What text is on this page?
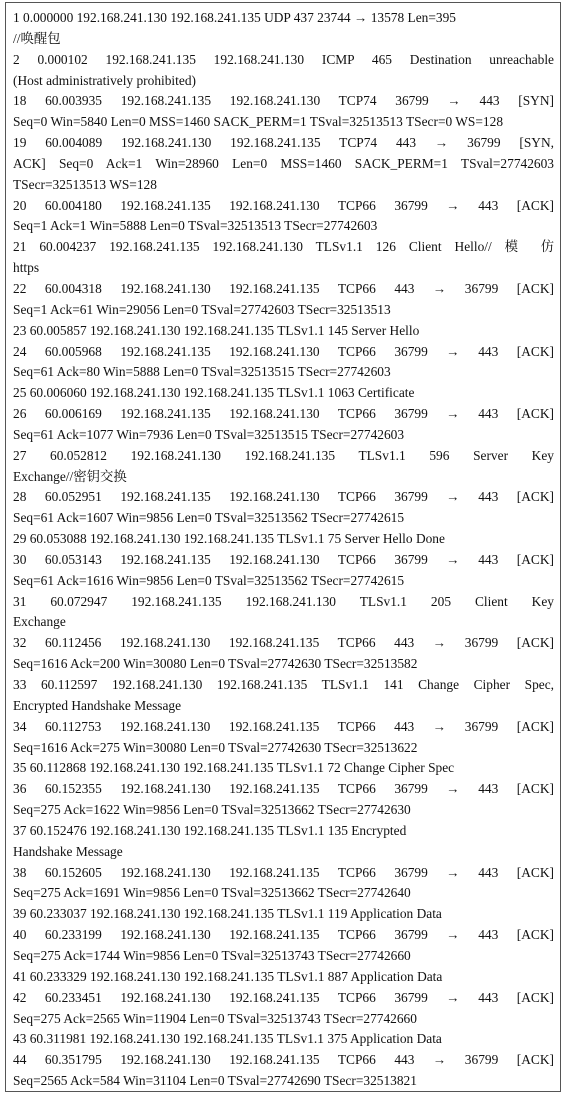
1 0.000000 192.168.241.130 192.168.241.135 UDP 437 23744 → 13578 Len=395
//唤醒包
2 0.000102 192.168.241.135 192.168.241.130 ICMP 465 Destination unreachable
(Host administratively prohibited)
18 60.003935 192.168.241.135 192.168.241.130 TCP74 36799 → 443 [SYN]
Seq=0 Win=5840 Len=0 MSS=1460 SACK_PERM=1 TSval=32513513 TSecr=0 WS=128
19 60.004089 192.168.241.130 192.168.241.135 TCP74 443 → 36799 [SYN,
ACK] Seq=0 Ack=1 Win=28960 Len=0 MSS=1460 SACK_PERM=1 TSval=27742603
TSecr=32513513 WS=128
20 60.004180 192.168.241.135 192.168.241.130 TCP66 36799 → 443 [ACK]
Seq=1 Ack=1 Win=5888 Len=0 TSval=32513513 TSecr=27742603
21 60.004237 192.168.241.135 192.168.241.130 TLSv1.1 126 Client Hello// 模 仿
https
22 60.004318 192.168.241.130 192.168.241.135 TCP66 443 → 36799 [ACK]
Seq=1 Ack=61 Win=29056 Len=0 TSval=27742603 TSecr=32513513
23 60.005857 192.168.241.130 192.168.241.135 TLSv1.1 145 Server Hello
24 60.005968 192.168.241.135 192.168.241.130 TCP66 36799 → 443 [ACK]
Seq=61 Ack=80 Win=5888 Len=0 TSval=32513515 TSecr=27742603
25 60.006060 192.168.241.130 192.168.241.135 TLSv1.1 1063 Certificate
26 60.006169 192.168.241.135 192.168.241.130 TCP66 36799 → 443 [ACK]
Seq=61 Ack=1077 Win=7936 Len=0 TSval=32513515 TSecr=27742603
27 60.052812 192.168.241.130 192.168.241.135 TLSv1.1 596 Server Key
Exchange//密钥交换
28 60.052951 192.168.241.135 192.168.241.130 TCP66 36799 → 443 [ACK]
Seq=61 Ack=1607 Win=9856 Len=0 TSval=32513562 TSecr=27742615
29 60.053088 192.168.241.130 192.168.241.135 TLSv1.1 75 Server Hello Done
30 60.053143 192.168.241.135 192.168.241.130 TCP66 36799 → 443 [ACK]
Seq=61 Ack=1616 Win=9856 Len=0 TSval=32513562 TSecr=27742615
31 60.072947 192.168.241.135 192.168.241.130 TLSv1.1 205 Client Key
Exchange
32 60.112456 192.168.241.130 192.168.241.135 TCP66 443 → 36799 [ACK]
Seq=1616 Ack=200 Win=30080 Len=0 TSval=27742630 TSecr=32513582
33 60.112597 192.168.241.130 192.168.241.135 TLSv1.1 141 Change Cipher Spec,
Encrypted Handshake Message
34 60.112753 192.168.241.130 192.168.241.135 TCP66 443 → 36799 [ACK]
Seq=1616 Ack=275 Win=30080 Len=0 TSval=27742630 TSecr=32513622
35 60.112868 192.168.241.130 192.168.241.135 TLSv1.1 72 Change Cipher Spec
36 60.152355 192.168.241.130 192.168.241.135 TCP66 36799 → 443 [ACK]
Seq=275 Ack=1622 Win=9856 Len=0 TSval=32513662 TSecr=27742630
37 60.152476 192.168.241.130 192.168.241.135 TLSv1.1 135 Encrypted
Handshake Message
38 60.152605 192.168.241.130 192.168.241.135 TCP66 36799 → 443 [ACK]
Seq=275 Ack=1691 Win=9856 Len=0 TSval=32513662 TSecr=27742640
39 60.233037 192.168.241.130 192.168.241.135 TLSv1.1 119 Application Data
40 60.233199 192.168.241.130 192.168.241.135 TCP66 36799 → 443 [ACK]
Seq=275 Ack=1744 Win=9856 Len=0 TSval=32513743 TSecr=27742660
41 60.233329 192.168.241.130 192.168.241.135 TLSv1.1 887 Application Data
42 60.233451 192.168.241.130 192.168.241.135 TCP66 36799 → 443 [ACK]
Seq=275 Ack=2565 Win=11904 Len=0 TSval=32513743 TSecr=27742660
43 60.311981 192.168.241.130 192.168.241.135 TLSv1.1 375 Application Data
44 60.351795 192.168.241.130 192.168.241.135 TCP66 443 → 36799 [ACK]
Seq=2565 Ack=584 Win=31104 Len=0 TSval=27742690 TSecr=32513821
